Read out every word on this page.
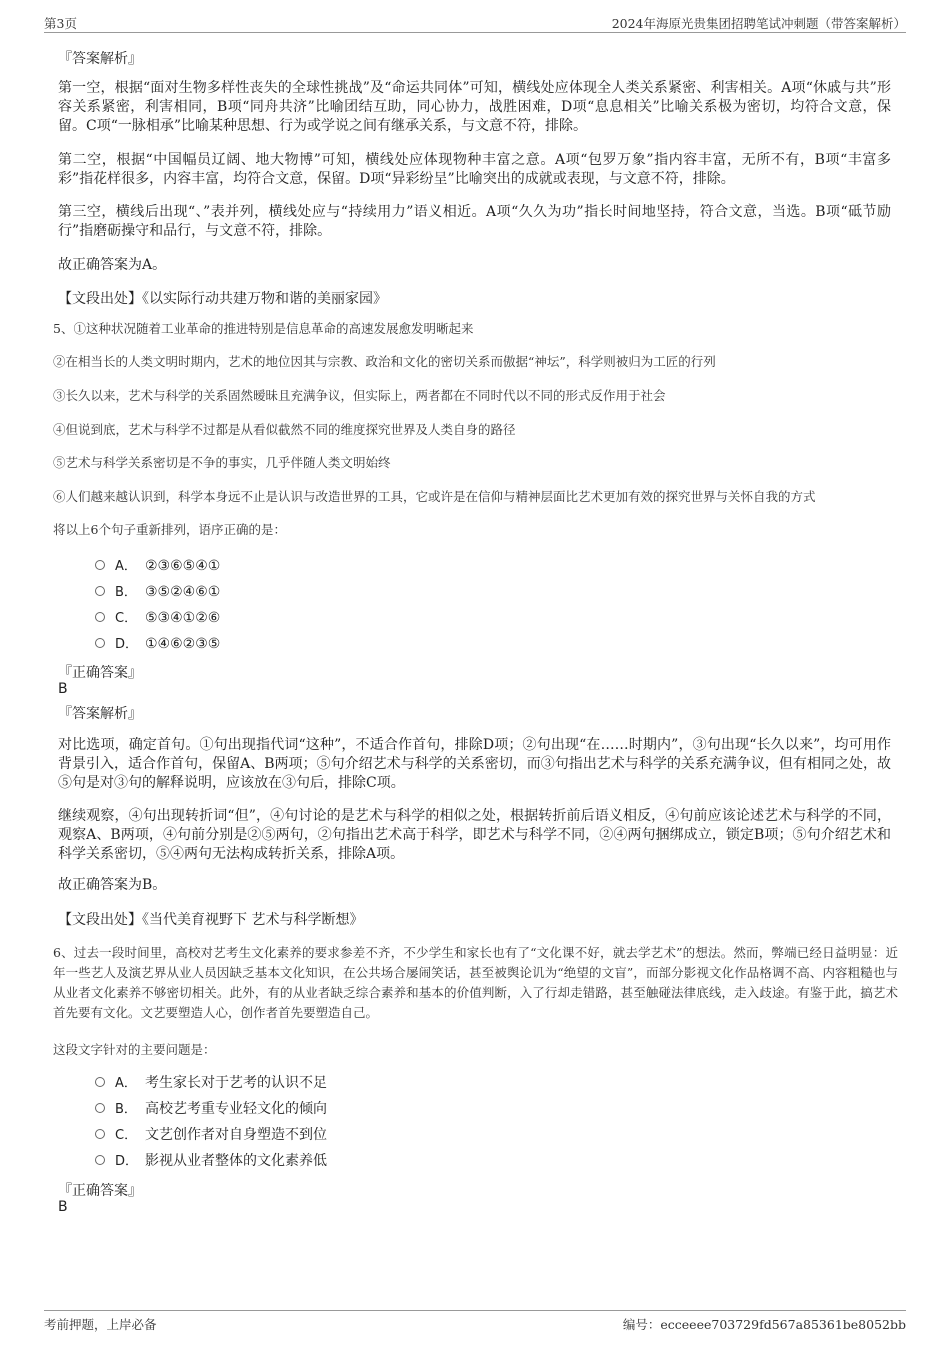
第3页	2024年海原光贵集团招聘笔试冲刺题（带答案解析）
『答案解析』
第一空，根据“面对生物多样性丧失的全球性挑战”及“命运共同体”可知，横线处应体现全人类关系紧密、利害相关。A项“休戚与共”形容关系紧密，利害相同，B项“同舟共济”比喻团结互助，同心协力，战胜困难，D项“息息相关”比喻关系极为密切，均符合文意，保留。C项“一脉相承”比喻某种思想、行为或学说之间有继承关系，与文意不符，排除。
第二空，根据“中国幅员辽阔、地大物博”可知，横线处应体现物种丰富之意。A项“包罗万象”指内容丰富，无所不有，B项“丰富多彩”指花样很多，内容丰富，均符合文意，保留。D项“异彩纷呈”比喻突出的成就或表现，与文意不符，排除。
第三空，横线后出现“、”表并列，横线处应与“持续用力”语义相近。A项“久久为功”指长时间地坚持，符合文意，当选。B项“砥节励行”指磨砺操守和品行，与文意不符，排除。
故正确答案为A。
【文段出处】《以实际行动共建万物和谐的美丽家园》
5、①这种状况随着工业革命的推进特别是信息革命的高速发展愈发明晰起来
②在相当长的人类文明时期内，艺术的地位因其与宗教、政治和文化的密切关系而傲据“神坛”，科学则被归为工匠的行列
③长久以来，艺术与科学的关系固然暧昧且充满争议，但实际上，两者都在不同时代以不同的形式反作用于社会
④但说到底，艺术与科学不过都是从看似截然不同的维度探究世界及人类自身的路径
⑤艺术与科学关系密切是不争的事实，几乎伴随人类文明始终
⑥人们越来越认识到，科学本身远不止是认识与改造世界的工具，它或许是在信仰与精神层面比艺术更加有效的探究世界与关怀自我的方式
将以上6个句子重新排列，语序正确的是：
A． ②③⑥⑤④①
B． ③⑤②④⑥①
C． ⑤③④①②⑥
D． ①④⑥②③⑤
『正确答案』
B
『答案解析』
对比选项，确定首句。①句出现指代词“这种”，不适合作首句，排除D项；②句出现“在……时期内”，③句出现“长久以来”，均可用作背景引入，适合作首句，保留A、B两项；⑤句介绍艺术与科学的关系密切，而③句指出艺术与科学的关系充满争议，但有相同之处，故⑤句是对③句的解释说明，应该放在③句后，排除C项。
继续观察，④句出现转折词“但”，④句讨论的是艺术与科学的相似之处，根据转折前后语义相反，④句前应该论述艺术与科学的不同，观察A、B两项，④句前分别是②⑤两句，②句指出艺术高于科学，即艺术与科学不同，②④两句捆绑成立，锁定B项；⑤句介绍艺术和科学关系密切，⑤④两句无法构成转折关系，排除A项。
故正确答案为B。
【文段出处】《当代美育视野下 艺术与科学断想》
6、过去一段时间里，高校对艺考生文化素养的要求参差不齐，不少学生和家长也有了“文化课不好，就去学艺术”的想法。然而，弊端已经日益明显：近年一些艺人及演艺界从业人员因缺乏基本文化知识，在公共场合屡闹笑话，甚至被舆论讥为“绝望的文盲”，而部分影视文化作品格调不高、内容粗糙也与从业者文化素养不够密切相关。此外，有的从业者缺乏综合素养和基本的价值判断，入了行却走错路，甚至触碰法律底线，走入歧途。有鉴于此，搞艺术首先要有文化。文艺要塑造人心，创作者首先要塑造自己。
这段文字针对的主要问题是：
A． 考生家长对于艺考的认识不足
B． 高校艺考重专业轻文化的倾向
C． 文艺创作者对自身塑造不到位
D． 影视从业者整体的文化素养低
『正确答案』
B
考前押题，上岸必备	编号：ecceeee703729fd567a85361be8052bb
